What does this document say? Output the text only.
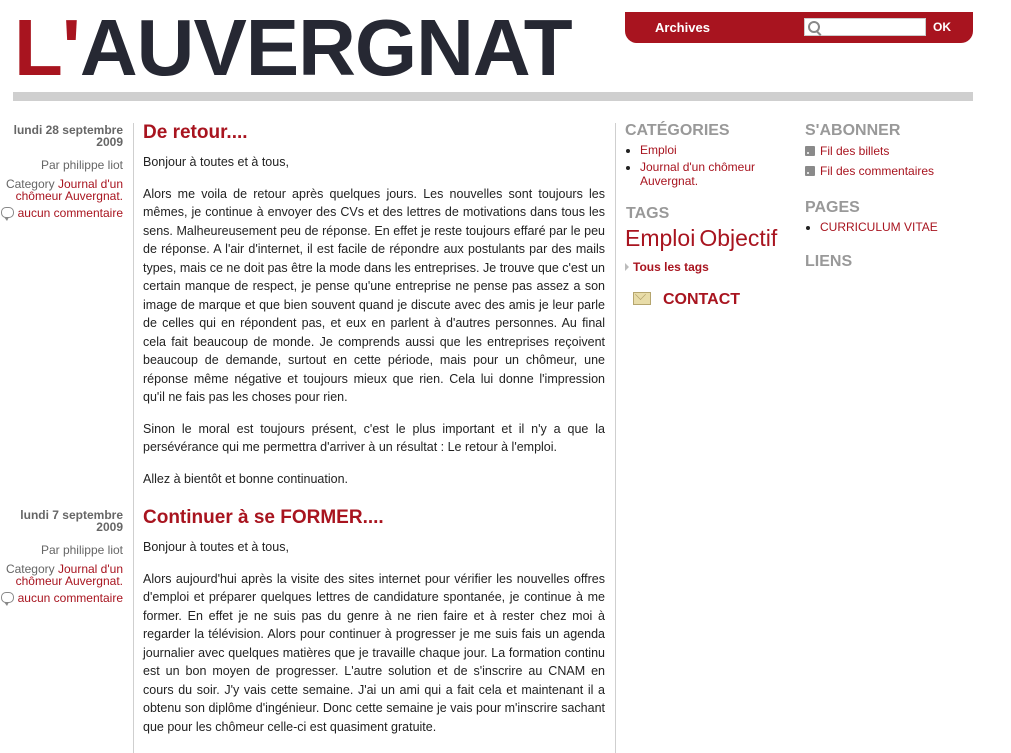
L'AUVERGNAT	Archives	OK
lundi 28 septembre 2009
Par philippe liot
Category Journal d'un chômeur Auvergnat.
aucun commentaire
De retour....

Bonjour à toutes et à tous,

Alors me voila de retour après quelques jours. Les nouvelles sont toujours les mêmes, je continue à envoyer des CVs et des lettres de motivations dans tous les sens. Malheureusement peu de réponse. En effet je reste toujours effaré par le peu de réponse. A l'air d'internet, il est facile de répondre aux postulants par des mails types, mais ce ne doit pas être la mode dans les entreprises. Je trouve que c'est un certain manque de respect, je pense qu'une entreprise ne pense pas assez a son image de marque et que bien souvent quand je discute avec des amis je leur parle de celles qui en répondent pas, et eux en parlent à d'autres personnes. Au final cela fait beaucoup de monde. Je comprends aussi que les entreprises reçoivent beaucoup de demande, surtout en cette période, mais pour un chômeur, une réponse même négative et toujours mieux que rien. Cela lui donne l'impression qu'il ne fais pas les choses pour rien.

Sinon le moral est toujours présent, c'est le plus important et il n'y a que la persévérance qui me permettra d'arriver à un résultat : Le retour à l'emploi.

Allez à bientôt et bonne continuation.

lundi 7 septembre 2009
Par philippe liot
Category Journal d'un chômeur Auvergnat.
aucun commentaire
Continuer à se FORMER....

Bonjour à toutes et à tous,

Alors aujourd'hui après la visite des sites internet pour vérifier les nouvelles offres d'emploi et préparer quelques lettres de candidature spontanée, je continue à me former. En effet je ne suis pas du genre à ne rien faire et à rester chez moi à regarder la télévision. Alors pour continuer à progresser je me suis fais un agenda journalier avec quelques matières que je travaille chaque jour. La formation continu est un bon moyen de progresser. L'autre solution et de s'inscrire au CNAM en cours du soir. J'y vais cette semaine. J'ai un ami qui a fait cela et maintenant il a obtenu son diplôme d'ingénieur. Donc cette semaine je vais pour m'inscrire sachant que pour les chômeur celle-ci est quasiment gratuite.

CATÉGORIES
• Emploi
• Journal d'un chômeur Auvergnat.
TAGS
Emploi Objectif
Tous les tags
CONTACT
S'ABONNER
Fil des billets
Fil des commentaires
PAGES
• CURRICULUM VITAE
LIENS
